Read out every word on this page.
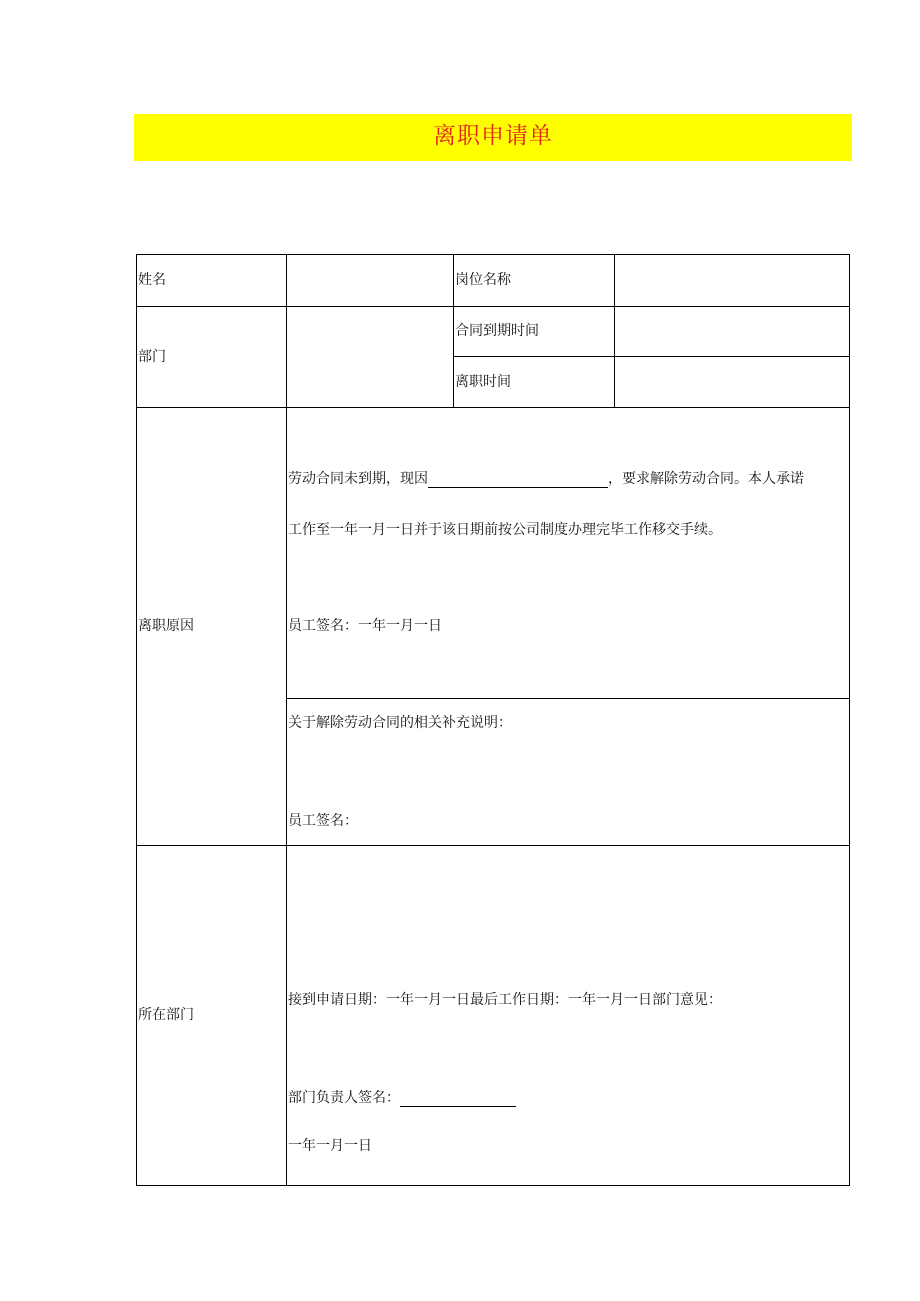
离职申请单
姓名		岗位名称	
部门		合同到期时间	
		离职时间	
离职原因	劳动合同未到期，现因 ，要求解除劳动合同。本人承诺
工作至一年一月一日并于该日期前按公司制度办理完毕工作移交手续。
员工签名：一年一月一日		

	关于解除劳动合同的相关补充说明：
员工签名：		

所在部门	接到申请日期：一年一月一日最后工作日期：一年一月一日部门意见：
部门负责人签名：
一年一月一日		
